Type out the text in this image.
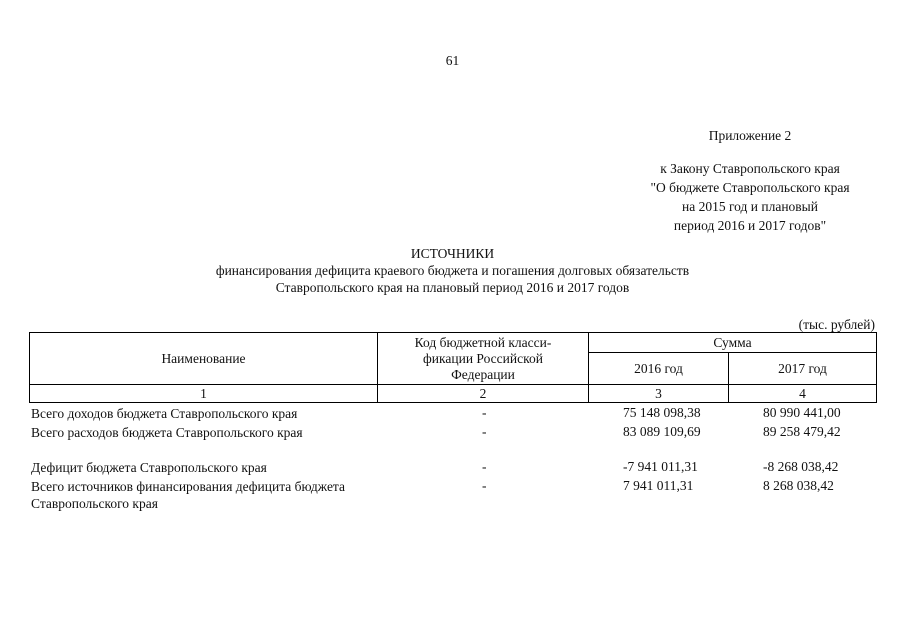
61
Приложение 2
к Закону Ставропольского края
"О бюджете Ставропольского края
на 2015 год и плановый
период 2016 и 2017 годов"
ИСТОЧНИКИ
финансирования дефицита краевого бюджета и погашения долговых обязательств
Ставропольского края на плановый период 2016 и 2017 годов
(тыс. рублей)
Наименование	Код бюджетной класси-
фикации Российской
Федерации	Сумма	
		2016 год	2017 год
1	2	3	4
Всего доходов бюджета Ставропольского края	-	75 148 098,38	80 990 441,00
Всего расходов бюджета Ставропольского края	-	83 089 109,69	89 258 479,42
Дефицит бюджета Ставропольского края	-	-7 941 011,31	-8 268 038,42
Всего источников финансирования дефицита бюджета Ставропольского края
-	7 941 011,31	8 268 038,42
